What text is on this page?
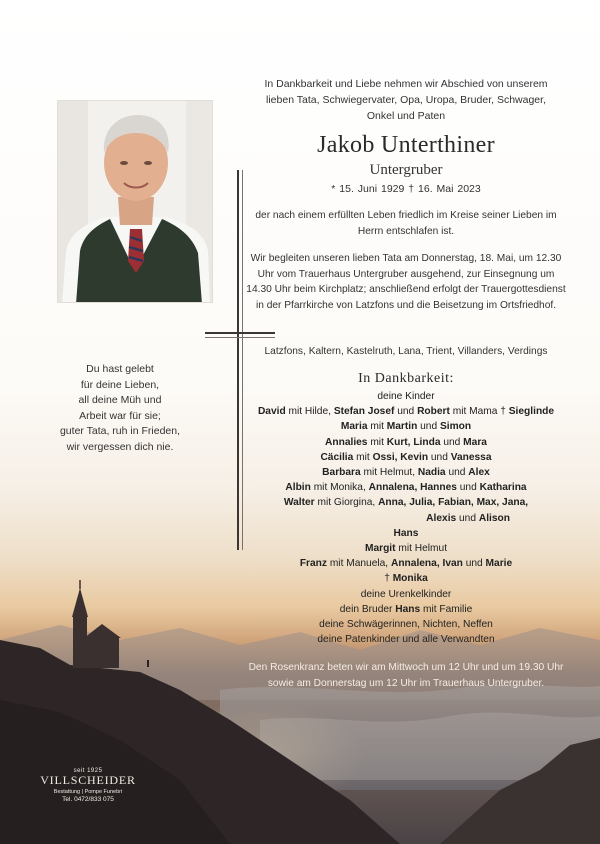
In Dankbarkeit und Liebe nehmen wir Abschied von unserem lieben Tata, Schwiegervater, Opa, Uropa, Bruder, Schwager, Onkel und Paten
Jakob Unterthiner
Untergruber
* 15. Juni 1929 † 16. Mai 2023
der nach einem erfüllten Leben friedlich im Kreise seiner Lieben im Herrn entschlafen ist.
Wir begleiten unseren lieben Tata am Donnerstag, 18. Mai, um 12.30 Uhr vom Trauerhaus Untergruber ausgehend, zur Einsegnung um 14.30 Uhr beim Kirchplatz; anschließend erfolgt der Trauergottesdienst in der Pfarrkirche von Latzfons und die Beisetzung im Ortsfriedhof.
Latzfons, Kaltern, Kastelruth, Lana, Trient, Villanders, Verdings
Du hast gelebt
für deine Lieben,
all deine Müh und
Arbeit war für sie;
guter Tata, ruh in Frieden,
wir vergessen dich nie.
In Dankbarkeit:
deine Kinder
David mit Hilde, Stefan Josef und Robert mit Mama † Sieglinde
Maria mit Martin und Simon
Annalies mit Kurt, Linda und Mara
Cäcilia mit Ossi, Kevin und Vanessa
Barbara mit Helmut, Nadia und Alex
Albin mit Monika, Annalena, Hannes und Katharina
Walter mit Giorgina, Anna, Julia, Fabian, Max, Jana,
Alexis und Alison
Hans
Margit mit Helmut
Franz mit Manuela, Annalena, Ivan und Marie
† Monika
deine Urenkelkinder
dein Bruder Hans mit Familie
deine Schwägerinnen, Nichten, Neffen
deine Patenkinder und alle Verwandten
Den Rosenkranz beten wir am Mittwoch um 12 Uhr und um 19.30 Uhr sowie am Donnerstag um 12 Uhr im Trauerhaus Untergruber.
seit 1925
VILLSCHEIDER
Bestattung | Pompe Funebri
Tel. 0472/833 075
